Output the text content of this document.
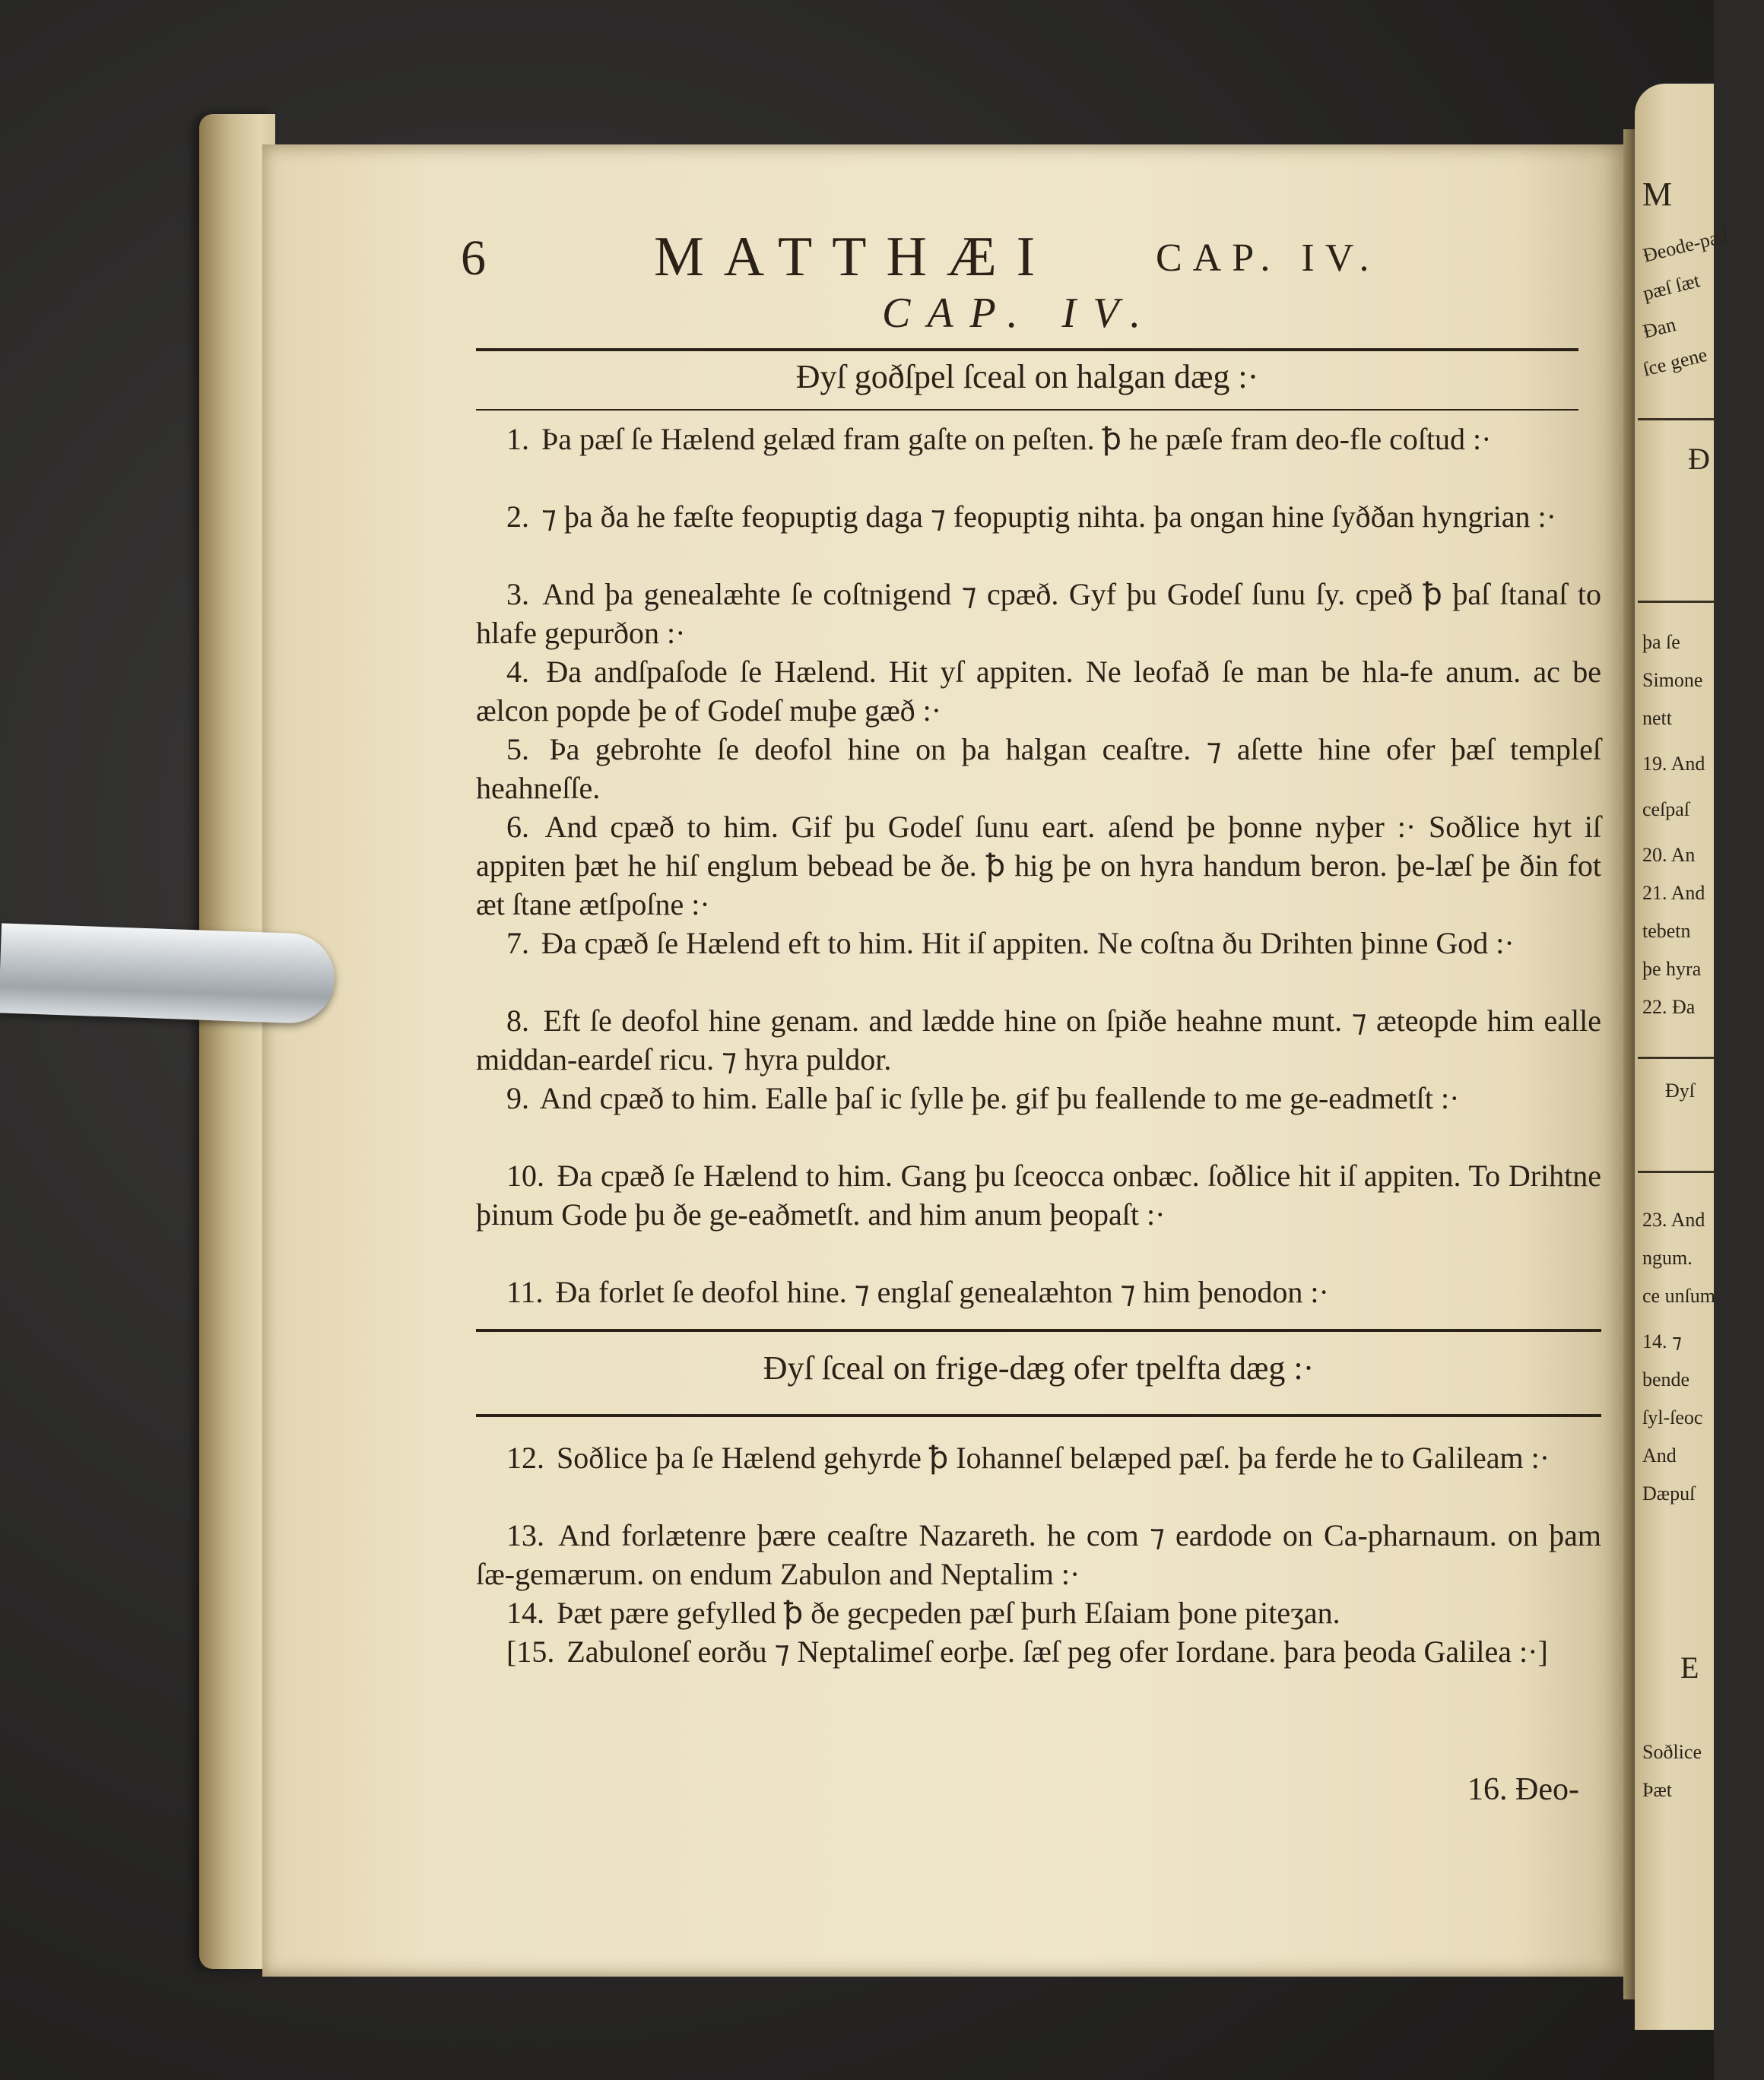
M
Ðeode-pæſ
pæſ ſæt
Ðan
ſce gene
Ð
þa ſe
Simone
nett
19. And
ceſpaſ
20. An
21. And
tebetn
þe hyra
22. Ða
Ðyſ
23. And
ngum.
ce unſum
14. ⁊
bende
ſyl-ſeoc
And
Dæpuſ
E
Soðlice
Þæt
6	MATTHÆI	CAP. IV.
CAP. IV.
Ðyſ goðſpel ſceal on halgan dæg :·
1. Þa pæſ ſe Hælend gelæd fram gaſte on peſten. ꝥ he pæſe fram deo-fle coſtud :·
2. ⁊ þa ða he fæſte feopuptig daga ⁊ feopuptig nihta. þa ongan hine ſyððan hyngrian :·
3. And þa genealæhte ſe coſtnigend ⁊ cpæð. Gyf þu Godeſ ſunu ſy. cpeð ꝥ þaſ ſtanaſ to hlafe gepurðon :·
4. Ða andſpaſode ſe Hælend. Hit yſ appiten. Ne leofað ſe man be hla-fe anum. ac be ælcon popde þe of Godeſ muþe gæð :·
5. Þa gebrohte ſe deofol hine on þa halgan ceaſtre. ⁊ aſette hine ofer þæſ templeſ heahneſſe.
6. And cpæð to him. Gif þu Godeſ ſunu eart. aſend þe þonne nyþer :· Soðlice hyt iſ appiten þæt he hiſ englum bebead be ðe. ꝥ hig þe on hyra handum beron. þe-læſ þe ðin fot æt ſtane ætſpoſne :·
7. Ða cpæð ſe Hælend eft to him. Hit iſ appiten. Ne coſtna ðu Drihten þinne God :·
8. Eft ſe deofol hine genam. and lædde hine on ſpiðe heahne munt. ⁊ æteopde him ealle middan-eardeſ ricu. ⁊ hyra puldor.
9. And cpæð to him. Ealle þaſ ic ſylle þe. gif þu feallende to me ge-eadmetſt :·
10. Ða cpæð ſe Hælend to him. Gang þu ſceocca onbæc. ſoðlice hit iſ appiten. To Drihtne þinum Gode þu ðe ge-eaðmetſt. and him anum þeopaſt :·
11. Ða forlet ſe deofol hine. ⁊ englaſ genealæhton ⁊ him þenodon :·
Ðyſ ſceal on frige-dæg ofer tpelfta dæg :·
12. Soðlice þa ſe Hælend gehyrde ꝥ Iohanneſ belæped pæſ. þa ferde he to Galileam :·
13. And forlætenre þære ceaſtre Nazareth. he com ⁊ eardode on Ca-pharnaum. on þam ſæ-gemærum. on endum Zabulon and Neptalim :·
14. Þæt pære gefylled ꝥ ðe gecpeden pæſ þurh Eſaiam þone piteʒan.
[15. Zabuloneſ eorðu ⁊ Neptalimeſ eorþe. ſæſ peg ofer Iordane. þara þeoda Galilea :·]
16. Ðeo-
